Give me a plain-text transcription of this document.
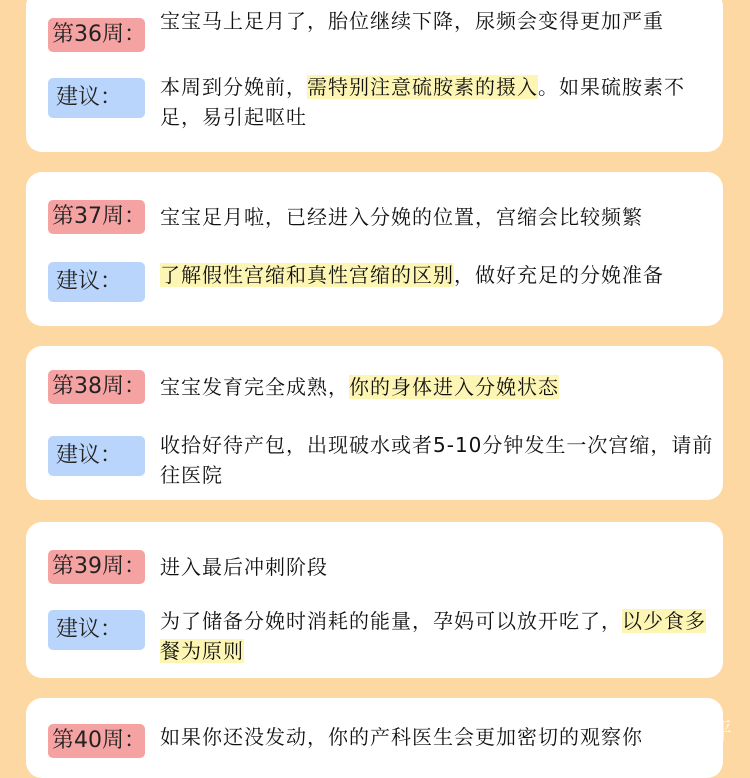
第36周：
宝宝马上足月了，胎位继续下降，尿频会变得更加严重
建议：	本周到分娩前，需特别注意硫胺素的摄入。如果硫胺素不足，易引起呕吐
第37周： 宝宝足月啦，已经进入分娩的位置，宫缩会比较频繁
建议：	了解假性宫缩和真性宫缩的区别，做好充足的分娩准备
第38周： 宝宝发育完全成熟，你的身体进入分娩状态
建议：	收拾好待产包，出现破水或者5-10分钟发生一次宫缩，请前往医院
第39周： 进入最后冲刺阶段
建议：	为了储备分娩时消耗的能量，孕妈可以放开吃了，以少食多餐为原则
第40周： 如果你还没发动，你的产科医生会更加密切的观察你
大众点评
